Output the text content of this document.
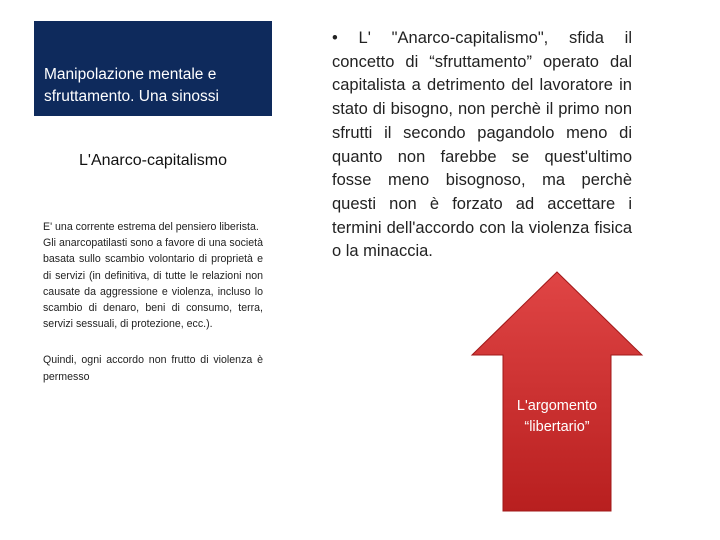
Manipolazione mentale e sfruttamento. Una sinossi
L'Anarco-capitalismo

E' una corrente estrema del pensiero liberista.

Gli anarcopatilasti sono a favore di una società basata sullo scambio volontario di proprietà e di servizi (in definitiva, di tutte le relazioni non causate da aggressione e violenza, incluso lo scambio di denaro, beni di consumo, terra, servizi sessuali, di protezione, ecc.).

Quindi, ogni accordo non frutto di violenza è permesso

• L' "Anarco-capitalismo", sfida il concetto di “sfruttamento” operato dal capitalista a detrimento del lavoratore in stato di bisogno, non perchè il primo non sfrutti il secondo pagandolo meno di quanto non farebbe se quest'ultimo fosse meno bisognoso, ma perchè questi non è forzato ad accettare i termini dell'accordo con la violenza fisica o la minaccia.
L'argomento
“libertario”
